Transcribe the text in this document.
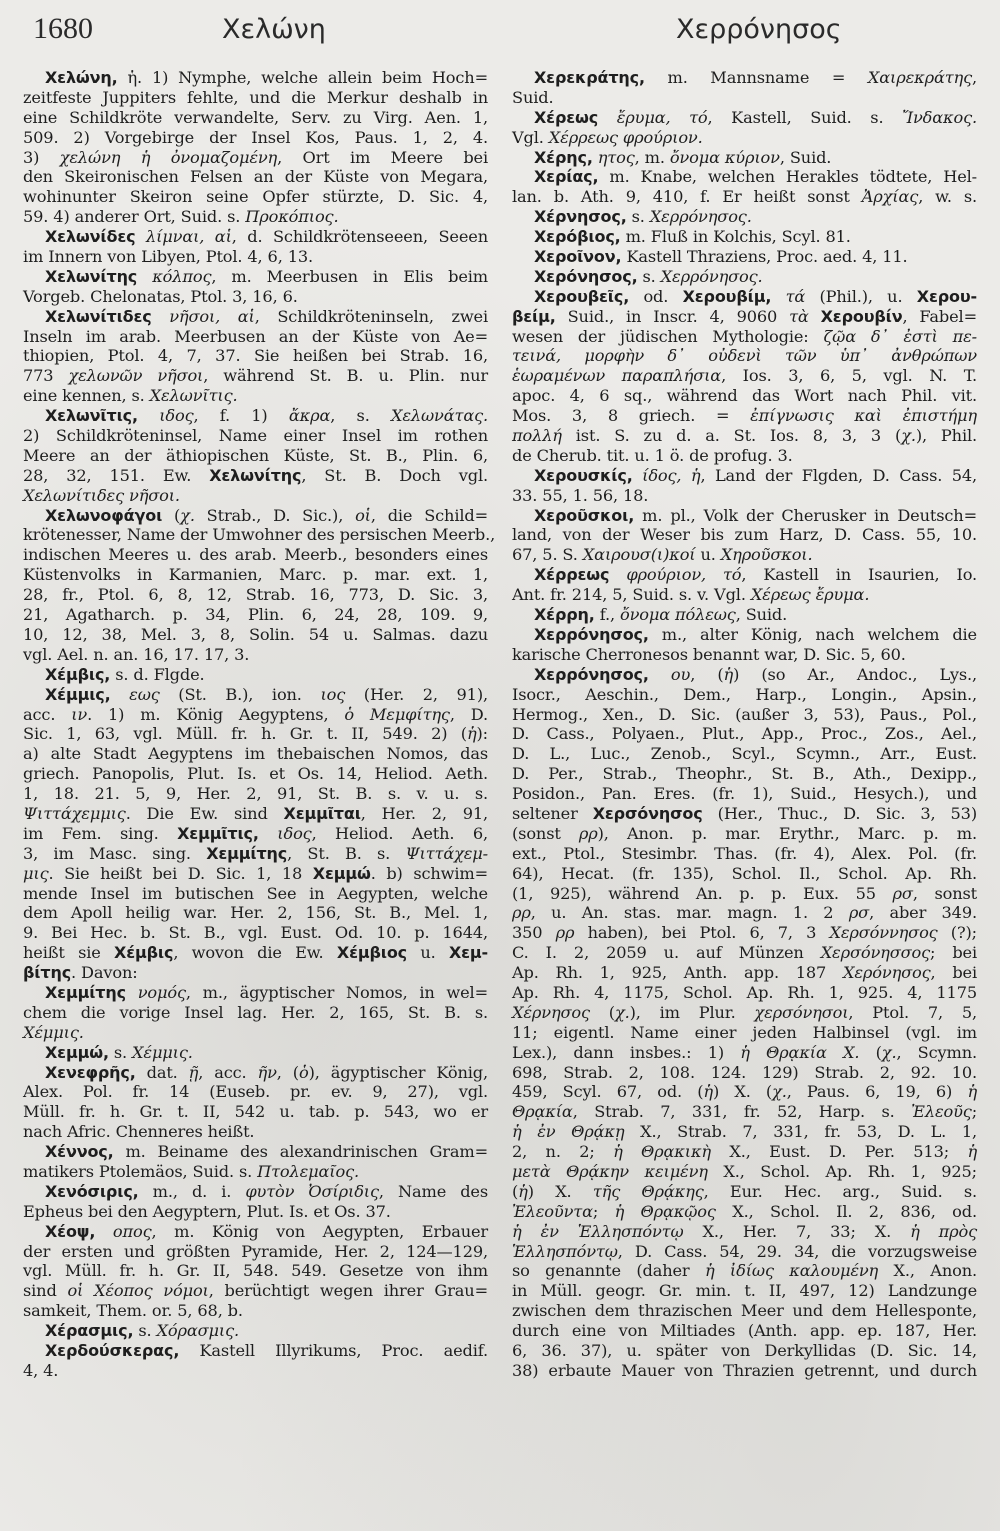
1680	Χελώνη	Χερρόνησος
Χελώνη, ἡ. 1) Nymphe, welche allein beim Hoch=
zeitfeste Juppiters fehlte, und die Merkur deshalb in
eine Schildkröte verwandelte, Serv. zu Virg. Aen. 1,
509. 2) Vorgebirge der Insel Kos, Paus. 1, 2, 4.
3) χελώνη ἡ ὀνομαζομένη, Ort im Meere bei
den Skeironischen Felsen an der Küste von Megara,
wohinunter Skeiron seine Opfer stürzte, D. Sic. 4,
59. 4) anderer Ort, Suid. s. Προκόπιος.
Χελωνίδες λίμναι, αἱ, d. Schildkrötenseeen, Seeen
im Innern von Libyen, Ptol. 4, 6, 13.
Χελωνίτης κόλπος, m. Meerbusen in Elis beim
Vorgeb. Chelonatas, Ptol. 3, 16, 6.
Χελωνίτιδες νῆσοι, αἱ, Schildkröteninseln, zwei
Inseln im arab. Meerbusen an der Küste von Ae=
thiopien, Ptol. 4, 7, 37. Sie heißen bei Strab. 16,
773 χελωνῶν νῆσοι, während St. B. u. Plin. nur
eine kennen, s. Χελωνῖτις.
Χελωνῖτις, ιδος, f. 1) ἄκρα, s. Χελωνάτας.
2) Schildkröteninsel, Name einer Insel im rothen
Meere an der äthiopischen Küste, St. B., Plin. 6,
28, 32, 151. Ew. Χελωνίτης, St. B. Doch vgl.
Χελωνίτιδες νῆσοι.
Χελωνοφάγοι (χ. Strab., D. Sic.), οἱ, die Schild=
krötenesser, Name der Umwohner des persischen Meerb.,
indischen Meeres u. des arab. Meerb., besonders eines
Küstenvolks in Karmanien, Marc. p. mar. ext. 1,
28, fr., Ptol. 6, 8, 12, Strab. 16, 773, D. Sic. 3,
21, Agatharch. p. 34, Plin. 6, 24, 28, 109. 9,
10, 12, 38, Mel. 3, 8, Solin. 54 u. Salmas. dazu
vgl. Ael. n. an. 16, 17. 17, 3.
Χέμβις, s. d. Flgde.
Χέμμις, εως (St. B.), ion. ιος (Her. 2, 91),
acc. ιν. 1) m. König Aegyptens, ὁ Μεμφίτης, D.
Sic. 1, 63, vgl. Müll. fr. h. Gr. t. II, 549. 2) (ἡ):
a) alte Stadt Aegyptens im thebaischen Nomos, das
griech. Panopolis, Plut. Is. et Os. 14, Heliod. Aeth.
1, 18. 21. 5, 9, Her. 2, 91, St. B. s. v. u. s.
Ψιττάχεμμις. Die Ew. sind Χεμμῖται, Her. 2, 91,
im Fem. sing. Χεμμῖτις, ιδος, Heliod. Aeth. 6,
3, im Masc. sing. Χεμμίτης, St. B. s. Ψιττάχεμ-
μις. Sie heißt bei D. Sic. 1, 18 Χεμμώ. b) schwim=
mende Insel im butischen See in Aegypten, welche
dem Apoll heilig war. Her. 2, 156, St. B., Mel. 1,
9. Bei Hec. b. St. B., vgl. Eust. Od. 10. p. 1644,
heißt sie Χέμβις, wovon die Ew. Χέμβιος u. Χεμ-
βίτης. Davon:
Χεμμίτης νομός, m., ägyptischer Nomos, in wel=
chem die vorige Insel lag. Her. 2, 165, St. B. s.
Χέμμις.
Χεμμώ, s. Χέμμις.
Χενεφρῆς, dat. ῇ, acc. ῆν, (ὁ), ägyptischer König,
Alex. Pol. fr. 14 (Euseb. pr. ev. 9, 27), vgl.
Müll. fr. h. Gr. t. II, 542 u. tab. p. 543, wo er
nach Afric. Chenneres heißt.
Χέννος, m. Beiname des alexandrinischen Gram=
matikers Ptolemäos, Suid. s. Πτολεμαῖος.
Χενόσιρις, m., d. i. φυτὸν Ὀσίριδις, Name des
Epheus bei den Aegyptern, Plut. Is. et Os. 37.
Χέοψ, οπος, m. König von Aegypten, Erbauer
der ersten und größten Pyramide, Her. 2, 124—129,
vgl. Müll. fr. h. Gr. II, 548. 549. Gesetze von ihm
sind οἱ Χέοπος νόμοι, berüchtigt wegen ihrer Grau=
samkeit, Them. or. 5, 68, b.
Χέρασμις, s. Χόρασμις.
Χερδούσκερας, Kastell Illyrikums, Proc. aedif.
4, 4.
Χερεκράτης, m. Mannsname = Χαιρεκράτης,
Suid.
Χέρεως ἔρυμα, τό, Kastell, Suid. s. Ἴνδακος.
Vgl. Χέρρεως φρούριον.
Χέρης, ητος, m. ὄνομα κύριον, Suid.
Χερίας, m. Knabe, welchen Herakles tödtete, Hel-
lan. b. Ath. 9, 410, f. Er heißt sonst Ἀρχίας, w. s.
Χέρνησος, s. Χερρόνησος.
Χερόβιος, m. Fluß in Kolchis, Scyl. 81.
Χεροῖνον, Kastell Thraziens, Proc. aed. 4, 11.
Χερόνησος, s. Χερρόνησος.
Χερουβεῖς, od. Χερουβίμ, τά (Phil.), u. Χερου-
βείμ, Suid., in Inscr. 4, 9060 τὰ Χερουβίν, Fabel=
wesen der jüdischen Mythologie: ζῷα δ᾽ ἐστὶ πε-
τεινά, μορφὴν δ᾽ οὐδενὶ τῶν ὑπ᾽ ἀνθρώπων
ἑωραμένων παραπλήσια, Ios. 3, 6, 5, vgl. N. T.
apoc. 4, 6 sq., während das Wort nach Phil. vit.
Mos. 3, 8 griech. = ἐπίγνωσις καὶ ἐπιστήμη
πολλή ist. S. zu d. a. St. Ios. 8, 3, 3 (χ.), Phil.
de Cherub. tit. u. 1 ö. de profug. 3.
Χερουσκίς, ίδος, ἡ, Land der Flgden, D. Cass. 54,
33. 55, 1. 56, 18.
Χεροῦσκοι, m. pl., Volk der Cherusker in Deutsch=
land, von der Weser bis zum Harz, D. Cass. 55, 10.
67, 5. S. Χαιρουσ(ι)κοί u. Χηροῦσκοι.
Χέρρεως φρούριον, τό, Kastell in Isaurien, Io.
Ant. fr. 214, 5, Suid. s. v. Vgl. Χέρεως ἔρυμα.
Χέρρη, f., ὄνομα πόλεως, Suid.
Χερρόνησος, m., alter König, nach welchem die
karische Cherronesos benannt war, D. Sic. 5, 60.
Χερρόνησος, ου, (ἡ) (so Ar., Andoc., Lys.,
Isocr., Aeschin., Dem., Harp., Longin., Apsin.,
Hermog., Xen., D. Sic. (außer 3, 53), Paus., Pol.,
D. Cass., Polyaen., Plut., App., Proc., Zos., Ael.,
D. L., Luc., Zenob., Scyl., Scymn., Arr., Eust.
D. Per., Strab., Theophr., St. B., Ath., Dexipp.,
Posidon., Pan. Eres. (fr. 1), Suid., Hesych.), und
seltener Χερσόνησος (Her., Thuc., D. Sic. 3, 53)
(sonst ρρ), Anon. p. mar. Erythr., Marc. p. m.
ext., Ptol., Stesimbr. Thas. (fr. 4), Alex. Pol. (fr.
64), Hecat. (fr. 135), Schol. Il., Schol. Ap. Rh.
(1, 925), während An. p. p. Eux. 55 ρσ, sonst
ρρ, u. An. stas. mar. magn. 1. 2 ρσ, aber 349.
350 ρρ haben), bei Ptol. 6, 7, 3 Χερσόννησος (?);
C. I. 2, 2059 u. auf Münzen Χερσόνησσος; bei
Ap. Rh. 1, 925, Anth. app. 187 Χερόνησος, bei
Ap. Rh. 4, 1175, Schol. Ap. Rh. 1, 925. 4, 1175
Χέρνησος (χ.), im Plur. χερσόνησοι, Ptol. 7, 5,
11; eigentl. Name einer jeden Halbinsel (vgl. im
Lex.), dann insbes.: 1) ἡ Θρᾳκία Χ. (χ., Scymn.
698, Strab. 2, 108. 124. 129) Strab. 2, 92. 10.
459, Scyl. 67, od. (ἡ) X. (χ., Paus. 6, 19, 6) ἡ
Θρᾳκία, Strab. 7, 331, fr. 52, Harp. s. Ἐλεοῦς;
ἡ ἐν Θρᾴκῃ X., Strab. 7, 331, fr. 53, D. L. 1,
2, n. 2; ἡ Θρᾳκικὴ X., Eust. D. Per. 513; ἡ
μετὰ Θρᾴκην κειμένη X., Schol. Ap. Rh. 1, 925;
(ἡ) X. τῆς Θρᾴκης, Eur. Hec. arg., Suid. s.
Ἐλεοῦντα; ἡ Θρᾳκῷος X., Schol. Il. 2, 836, od.
ἡ ἐν Ἑλλησπόντῳ X., Her. 7, 33; X. ἡ πρὸς
Ἑλλησπόντῳ, D. Cass. 54, 29. 34, die vorzugsweise
so genannte (daher ἡ ἰδίως καλουμένη X., Anon.
in Müll. geogr. Gr. min. t. II, 497, 12) Landzunge
zwischen dem thrazischen Meer und dem Hellesponte,
durch eine von Miltiades (Anth. app. ep. 187, Her.
6, 36. 37), u. später von Derkyllidas (D. Sic. 14,
38) erbaute Mauer von Thrazien getrennt, und durch
